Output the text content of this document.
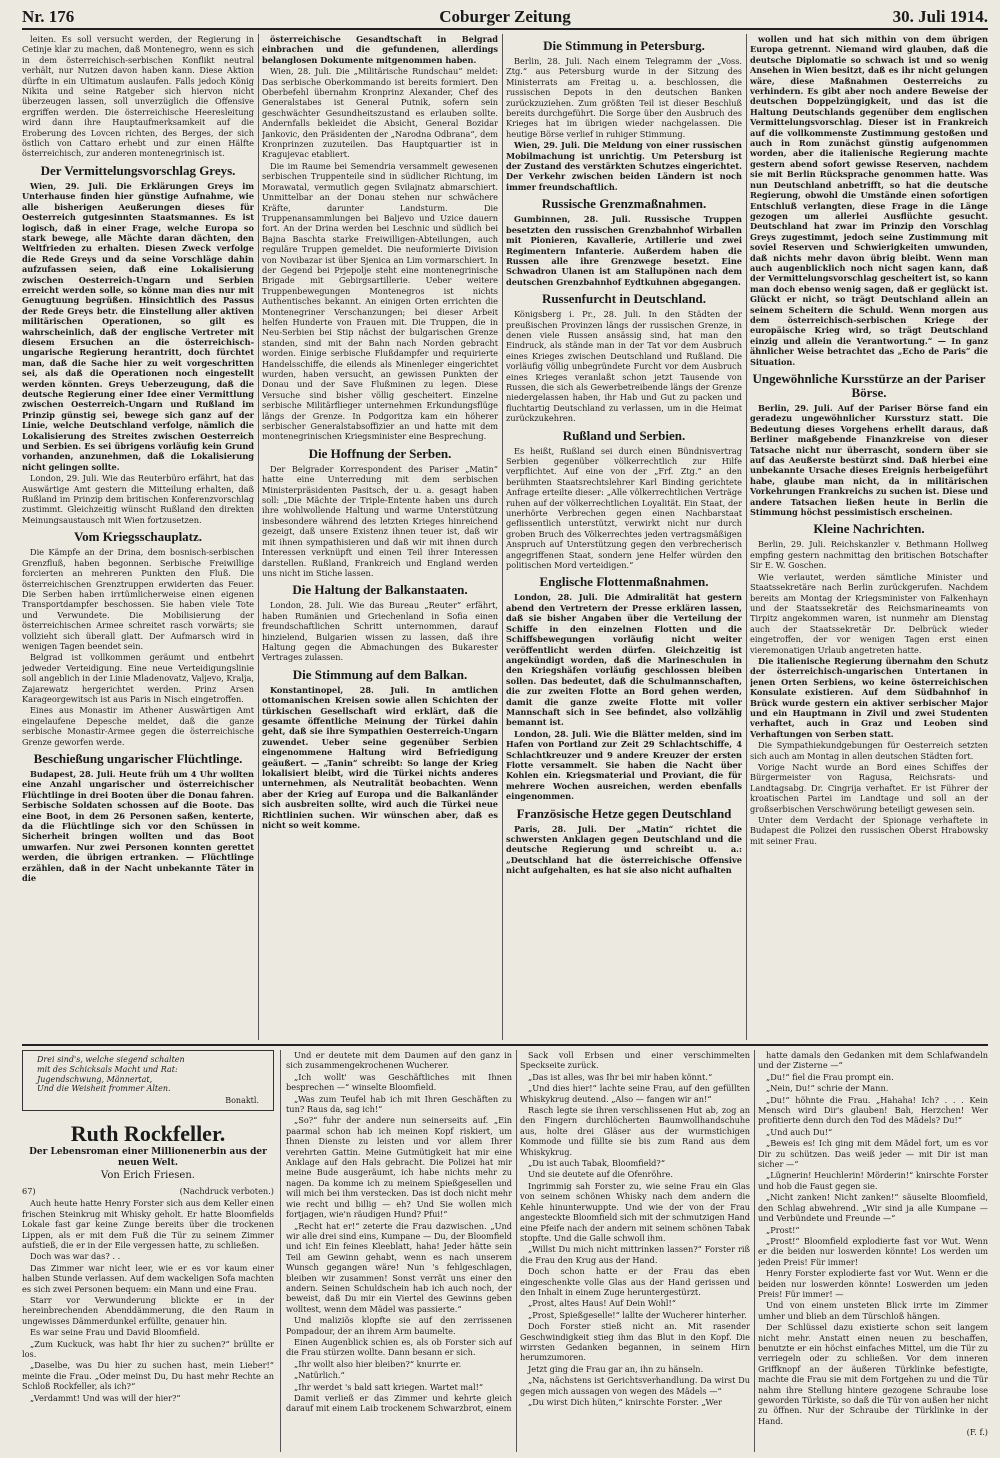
Nr. 176	Coburger Zeitung	30. Juli 1914.

leiten. Es soll versucht werden, der Regierung in Cetinje klar zu machen, daß Montenegro, wenn es sich in dem österreichisch-serbischen Konflikt neutral verhält, nur Nutzen davon haben kann. Diese Aktion dürfte in ein Ultimatum auslaufen. Falls jedoch König Nikita und seine Ratgeber sich hiervon nicht überzeugen lassen, soll unverzüglich die Offensive ergriffen werden. Die österreichische Heeresleitung wird dann ihre Hauptaufmerksamkeit auf die Eroberung des Lovcen richten, des Berges, der sich östlich von Cattaro erhebt und zur einen Hälfte österreichisch, zur anderen montenegrinisch ist.

Der Vermittelungsvorschlag Greys.

Wien, 29. Juli. Die Erklärungen Greys im Unterhause finden hier günstige Aufnahme, wie alle bisherigen Aeußerungen dieses für Oesterreich gutgesinnten Staatsmannes. Es ist logisch, daß in einer Frage, welche Europa so stark bewege, alle Mächte daran dächten, den Weltfrieden zu erhalten. Diesen Zweck verfolge die Rede Greys und da seine Vorschläge dahin aufzufassen seien, daß eine Lokalisierung zwischen Oesterreich-Ungarn und Serbien erreicht werden solle, so könne man dies nur mit Genugtuung begrüßen. Hinsichtlich des Passus der Rede Greys betr. die Einstellung aller aktiven militärischen Operationen, so gilt es wahrscheinlich, daß der englische Vertreter mit diesem Ersuchen an die österreichisch-ungarische Regierung herantritt, doch fürchtet man, daß die Sache hier zu weit vorgeschritten sei, als daß die Operationen noch eingestellt werden könnten. Greys Ueberzeugung, daß die deutsche Regierung einer Idee einer Vermittlung zwischen Oesterreich-Ungarn und Rußland im Prinzip günstig sei, bewege sich ganz auf der Linie, welche Deutschland verfolge, nämlich die Lokalisierung des Streites zwischen Oesterreich und Serbien. Es sei übrigens vorläufig kein Grund vorhanden, anzunehmen, daß die Lokalisierung nicht gelingen sollte.

London, 29. Juli. Wie das Reuterbüro erfährt, hat das Auswärtige Amt gestern die Mitteilung erhalten, daß Rußland im Prinzip dem britischen Konferenzvorschlag zustimmt. Gleichzeitig wünscht Rußland den direkten Meinungsaustausch mit Wien fortzusetzen.

Vom Kriegsschauplatz.

Die Kämpfe an der Drina, dem bosnisch-serbischen Grenzfluß, haben begonnen. Serbische Freiwillige forcierten an mehreren Punkten den Fluß. Die österreichischen Grenztruppen erwiderten das Feuer. Die Serben haben irrtümlicherweise einen eigenen Transportdampfer beschossen. Sie haben viele Tote und Verwundete. Die Mobilisierung der österreichischen Armee schreitet rasch vorwärts; sie vollzieht sich überall glatt. Der Aufmarsch wird in wenigen Tagen beendet sein.

Belgrad ist vollkommen geräumt und entbehrt jedweder Verteidigung. Eine neue Verteidigungslinie soll angeblich in der Linie Mladenovatz, Valjevo, Kralja, Zajarewatz hergerichtet werden. Prinz Arsen Karageorgewitsch ist aus Paris in Nisch eingetroffen.

Eines aus Monastir im Athener Auswärtigen Amt eingelaufene Depesche meldet, daß die ganze serbische Monastir-Armee gegen die österreichische Grenze geworfen werde.

Beschießung ungarischer Flüchtlinge.

Budapest, 28. Juli. Heute früh um 4 Uhr wollten eine Anzahl ungarischer und österreichischer Flüchtlinge in drei Booten über die Donau fahren. Serbische Soldaten schossen auf die Boote. Das eine Boot, in dem 26 Personen saßen, kenterte, da die Flüchtlinge sich vor den Schüssen in Sicherheit bringen wollten und das Boot umwarfen. Nur zwei Personen konnten gerettet werden, die übrigen ertranken. — Flüchtlinge erzählen, daß in der Nacht unbekannte Täter in die

österreichische Gesandtschaft in Belgrad einbrachen und die gefundenen, allerdings belanglosen Dokumente mitgenommen haben.

Wien, 28. Juli. Die „Militärische Rundschau“ meldet: Das serbische Oberkommando ist bereits formiert. Den Oberbefehl übernahm Kronprinz Alexander, Chef des Generalstabes ist General Putnik, sofern sein geschwächter Gesundheitszustand es erlauben sollte. Andernfalls bekleidet die Absicht, General Bozidar Jankovic, den Präsidenten der „Narodna Odbrana“, dem Kronprinzen zuzuteilen. Das Hauptquartier ist in Kragujevac etabliert.

Die im Raume bei Semendria versammelt gewesenen serbischen Truppenteile sind in südlicher Richtung, im Morawatal, vermutlich gegen Svilajnatz abmarschiert. Unmittelbar an der Donau stehen nur schwächere Kräfte, darunter Landsturm. Die Truppenansammlungen bei Baljevo und Uzice dauern fort. An der Drina werden bei Leschnic und südlich bei Bajna Baschta starke Freiwilligen-Abteilungen, auch reguläre Truppen gemeldet. Die neuformierte Division von Novibazar ist über Sjenica an Lim vormarschiert. In der Gegend bei Prjepolje steht eine montenegrinische Brigade mit Gebirgsartillerie. Ueber weitere Truppenbewegungen Montenegros ist nichts Authentisches bekannt. An einigen Orten errichten die Montenegriner Verschanzungen; bei dieser Arbeit helfen Hunderte von Frauen mit. Die Truppen, die in Neu-Serbien bei Stip nächst der bulgarischen Grenze standen, sind mit der Bahn nach Norden gebracht worden. Einige serbische Flußdampfer und requirierte Handelsschiffe, die eilends als Minenleger eingerichtet wurden, haben versucht, an gewissen Punkten der Donau und der Save Flußminen zu legen. Diese Versuche sind bisher völlig gescheitert. Einzelne serbische Militärflieger unternehmen Erkundungsflüge längs der Grenze. In Podgoritza kam ein höherer serbischer Generalstabsoffizier an und hatte mit dem montenegrinischen Kriegsminister eine Besprechung.

Die Hoffnung der Serben.

Der Belgrader Korrespondent des Pariser „Matin“ hatte eine Unterredung mit dem serbischen Ministerpräsidenten Pasitsch, der u. a. gesagt haben soll: „Die Mächte der Triple-Entente haben uns durch ihre wohlwollende Haltung und warme Unterstützung insbesondere während des letzten Krieges hinreichend gezeigt, daß unsere Existenz ihnen teuer ist, daß wir mit ihnen sympathisieren und daß wir mit ihnen durch Interessen verknüpft und einen Teil ihrer Interessen darstellen. Rußland, Frankreich und England werden uns nicht im Stiche lassen.

Die Haltung der Balkanstaaten.

London, 28. Juli. Wie das Bureau „Reuter“ erfährt, haben Rumänien und Griechenland in Sofia einen freundschaftlichen Schritt unternommen, darauf hinzielend, Bulgarien wissen zu lassen, daß ihre Haltung gegen die Abmachungen des Bukarester Vertrages zulassen.

Die Stimmung auf dem Balkan.

Konstantinopel, 28. Juli. In amtlichen ottomanischen Kreisen sowie allen Schichten der türkischen Gesellschaft wird erklärt, daß die gesamte öffentliche Meinung der Türkei dahin geht, daß sie ihre Sympathien Oesterreich-Ungarn zuwendet. Ueber seine gegenüber Serbien eingenommene Haltung wird Befriedigung geäußert. — „Tanin“ schreibt: So lange der Krieg lokalisiert bleibt, wird die Türkei nichts anderes unternehmen, als Neutralität beobachten. Wenn aber der Krieg auf Europa und die Balkanländer sich ausbreiten sollte, wird auch die Türkei neue Richtlinien suchen. Wir wünschen aber, daß es nicht so weit komme.

Die Stimmung in Petersburg.

Berlin, 28. Juli. Nach einem Telegramm der „Voss. Ztg.“ aus Petersburg wurde in der Sitzung des Ministerrats am Freitag u. a. beschlossen, die russischen Depots in den deutschen Banken zurückzuziehen. Zum größten Teil ist dieser Beschluß bereits durchgeführt. Die Sorge über den Ausbruch des Krieges hat im übrigen wieder nachgelassen. Die heutige Börse verlief in ruhiger Stimmung.

Wien, 29. Juli. Die Meldung von einer russischen Mobilmachung ist unrichtig. Um Petersburg ist der Zustand des verstärkten Schutzes eingerichtet. Der Verkehr zwischen beiden Ländern ist noch immer freundschaftlich.

Russische Grenzmaßnahmen.

Gumbinnen, 28. Juli. Russische Truppen besetzten den russischen Grenzbahnhof Wirballen mit Pionieren, Kavallerie, Artillerie und zwei Regimentern Infanterie. Außerdem haben die Russen alle ihre Grenzwege besetzt. Eine Schwadron Ulanen ist am Stallupönen nach dem deutschen Grenzbahnhof Eydtkuhnen abgegangen.

Russenfurcht in Deutschland.

Königsberg i. Pr., 28. Juli. In den Städten der preußischen Provinzen längs der russischen Grenze, in denen viele Russen ansässig sind, hat man den Eindruck, als stände man in der Tat vor dem Ausbruch eines Krieges zwischen Deutschland und Rußland. Die vorläufig völlig unbegründete Furcht vor dem Ausbruch eines Krieges veranlaßt schon jetzt Tausende von Russen, die sich als Gewerbetreibende längs der Grenze niedergelassen haben, ihr Hab und Gut zu packen und fluchtartig Deutschland zu verlassen, um in die Heimat zurückzukehren.

Rußland und Serbien.

Es heißt, Rußland sei durch einen Bündnisvertrag Serbien gegenüber völkerrechtlich zur Hilfe verpflichtet. Auf eine von der „Frf. Ztg.“ an den berühmten Staatsrechtslehrer Karl Binding gerichtete Anfrage erteilte dieser: „Alle völkerrechtlichen Verträge ruhen auf der völkerrechtlichen Loyalität. Ein Staat, der unerhörte Verbrechen gegen einen Nachbarstaat geflissentlich unterstützt, verwirkt nicht nur durch groben Bruch des Völkerrechtes jeden vertragsmäßigen Anspruch auf Unterstützung gegen den verbrecherisch angegriffenen Staat, sondern jene Helfer würden den politischen Mord verteidigen.“

Englische Flottenmaßnahmen.

London, 28. Juli. Die Admiralität hat gestern abend den Vertretern der Presse erklären lassen, daß sie bisher Angaben über die Verteilung der Schiffe in den einzelnen Flotten und die Schiffsbewegungen vorläufig nicht weiter veröffentlicht werden dürfen. Gleichzeitig ist angekündigt worden, daß die Marineschulen in den Kriegshäfen vorläufig geschlossen bleiben sollen. Das bedeutet, daß die Schulmannschaften, die zur zweiten Flotte an Bord gehen werden, damit die ganze zweite Flotte mit voller Mannschaft sich in See befindet, also vollzählig bemannt ist.

London, 28. Juli. Wie die Blätter melden, sind im Hafen von Portland zur Zeit 29 Schlachtschiffe, 4 Schlachtkreuzer und 9 andere Kreuzer der ersten Flotte versammelt. Sie haben die Nacht über Kohlen ein. Kriegsmaterial und Proviant, die für mehrere Wochen ausreichen, werden ebenfalls eingenommen.

Französische Hetze gegen Deutschland

Paris, 28. Juli. Der „Matin“ richtet die schwersten Anklagen gegen Deutschland und die deutsche Regierung und schreibt u. a.: „Deutschland hat die österreichische Offensive nicht aufgehalten, es hat sie also nicht aufhalten

wollen und hat sich mithin von dem übrigen Europa getrennt. Niemand wird glauben, daß die deutsche Diplomatie so schwach ist und so wenig Ansehen in Wien besitzt, daß es ihr nicht gelungen wäre, diese Maßnahmen Oesterreichs zu verhindern. Es gibt aber noch andere Beweise der deutschen Doppelzüngigkeit, und das ist die Haltung Deutschlands gegenüber dem englischen Vermittelungsvorschlag. Dieser ist in Frankreich auf die vollkommenste Zustimmung gestoßen und auch in Rom zunächst günstig aufgenommen worden, aber die italienische Regierung machte gestern abend sofort gewisse Reserven, nachdem sie mit Berlin Rücksprache genommen hatte. Was nun Deutschland anbetrifft, so hat die deutsche Regierung, obwohl die Umstände einen sofortigen Entschluß verlangten, diese Frage in die Länge gezogen um allerlei Ausflüchte gesucht. Deutschland hat zwar im Prinzip den Vorschlag Greys zugestimmt, jedoch seine Zustimmung mit soviel Reserven und Schwierigkeiten umwunden, daß nichts mehr davon übrig bleibt. Wenn man auch augenblicklich noch nicht sagen kann, daß der Vermittelungsvorschlag gescheitert ist, so kann man doch ebenso wenig sagen, daß er geglückt ist. Glückt er nicht, so trägt Deutschland allein an seinem Scheitern die Schuld. Wenn morgen aus dem österreichisch-serbischen Kriege der europäische Krieg wird, so trägt Deutschland einzig und allein die Verantwortung.“ — In ganz ähnlicher Weise betrachtet das „Echo de Paris“ die Situation.

Ungewöhnliche Kursstürze an der Pariser Börse.

Berlin, 29. Juli. Auf der Pariser Börse fand ein geradezu ungewöhnlicher Kurssturz statt. Die Bedeutung dieses Vorgehens erhellt daraus, daß Berliner maßgebende Finanzkreise von dieser Tatsache nicht nur überrascht, sondern über sie auf das Aeußerste bestürzt sind. Daß hierbei eine unbekannte Ursache dieses Ereignis herbeigeführt habe, glaube man nicht, da in militärischen Vorkehrungen Frankreichs zu suchen ist. Diese und andere Tatsachen ließen heute in Berlin die Stimmung höchst pessimistisch erscheinen.

Kleine Nachrichten.

Berlin, 29. Juli. Reichskanzler v. Bethmann Hollweg empfing gestern nachmittag den britischen Botschafter Sir E. W. Goschen.

Wie verlautet, werden sämtliche Minister und Staatssekretäre nach Berlin zurückgerufen. Nachdem bereits am Montag der Kriegsminister von Falkenhayn und der Staatssekretär des Reichsmarineamts von Tirpitz angekommen waren, ist nunmehr am Dienstag auch der Staatssekretär Dr. Delbrück wieder eingetroffen, der vor wenigen Tagen erst einen vieremonatigen Urlaub angetreten hatte.

Die italienische Regierung übernahm den Schutz der österreichisch-ungarischen Untertanen in jenen Orten Serbiens, wo keine österreichischen Konsulate existieren. Auf dem Südbahnhof in Brück wurde gestern ein aktiver serbischer Major und ein Hauptmann in Zivil und zwei Studenten verhaftet, auch in Graz und Leoben sind Verhaftungen von Serben statt.

Die Sympathiekundgebungen für Oesterreich setzten sich auch am Montag in allen deutschen Städten fort.

Vorige Nacht wurde an Bord eines Schiffes der Bürgermeister von Ragusa, Reichsrats- und Landtagsabg. Dr. Cingrija verhaftet. Er ist Führer der kroatischen Partei im Landtage und soll an der großserbischen Verschwörung beteiligt gewesen sein.

Unter dem Verdacht der Spionage verhaftete in Budapest die Polizei den russischen Oberst Hrabowsky mit seiner Frau.

Drei sind's, welche siegend schalten
mit des Schicksals Macht und Rat:
Jugendschwung, Männertat,
Und die Weisheit frommer Alten.
Bonaktl.
Ruth Rockfeller.
Der Lebensroman einer Millionenerbin aus der neuen Welt.
Von Erich Friesen.
67)	(Nachdruck verboten.)

Auch heute hatte Henry Forster sich aus dem Keller einen frischen Steinkrug mit Whisky geholt. Er hatte Bloomfields Lokale fast gar keine Zunge bereits über die trockenen Lippen, als er mit dem Fuß die Tür zu seinem Zimmer aufstieß, die er in der Eile vergessen hatte, zu schließen.

Doch was war das? . .

Das Zimmer war nicht leer, wie er es vor kaum einer halben Stunde verlassen. Auf dem wackeligen Sofa machten es sich zwei Personen bequem: ein Mann und eine Frau.

Starr vor Verwunderung blickte er in der hereinbrechenden Abenddämmerung, die den Raum in ungewisses Dämmerdunkel erfüllte, genauer hin.

Es war seine Frau und David Bloomfield.

„Zum Kuckuck, was habt Ihr hier zu suchen?“ brüllte er los.

„Daselbe, was Du hier zu suchen hast, mein Lieber!“ meinte die Frau. „Oder meinst Du, Du hast mehr Rechte an Schloß Rockfeller, als ich?“

„Verdammt! Und was will der hier?“

Und er deutete mit dem Daumen auf den ganz in sich zusammengekrochenen Wucherer.

„Ich wollt' was Geschäftliches mit Ihnen besprechen —“ winselte Bloomfield.

„Was zum Teufel hab ich mit Ihren Geschäften zu tun? Raus da, sag ich!“

„So?“ fuhr der andere nun seinerseits auf. „Ein paarmal schon hab ich meinen Kopf riskiert, um Ihnen Dienste zu leisten und vor allem Ihrer verehrten Gattin. Meine Gutmütigkeit hat mir eine Anklage auf den Hals gebracht. Die Polizei hat mir meine Bude ausgeräumt, ich habe nichts mehr zu nagen. Da komme ich zu meinem Spießgesellen und will mich bei ihm verstecken. Das ist doch nicht mehr wie recht und billig — eh? Und Sie wollen mich fortjagen, wie'n räudigen Hund? Pfui!“

„Recht hat er!“ zeterte die Frau dazwischen. „Und wir alle drei sind eins, Kumpane — Du, der Bloomfield und ich! Ein feines Kleeblatt, haha! Jeder hätte sein Teil am Gewinn gehabt, wenn es nach unserem Wunsch gegangen wäre! Nun 's fehlgeschlagen, bleiben wir zusammen! Sonst verrät uns einer den andern. Seinen Schuldschein hab ich auch noch, der beweist, daß Du mir ein Viertel des Gewinns geben wolltest, wenn dem Mädel was passierte.“

Und maliziös klopfte sie auf den zerrissenen Pompadour, der an ihrem Arm baumelte.

Einen Augenblick schien es, als ob Forster sich auf die Frau stürzen wollte. Dann besann er sich.

„Ihr wollt also hier bleiben?“ knurrte er.

„Natürlich.“

„Ihr werdet 's bald satt kriegen. Wartet mal!“

Damit verließ er das Zimmer und kehrte gleich darauf mit einem Laib trockenem Schwarzbrot, einem

Sack voll Erbsen und einer verschimmelten Speckseite zurück.

„Das ist alles, was Ihr bei mir haben könnt.“

„Und dies hier!“ lachte seine Frau, auf den gefüllten Whiskykrug deutend. „Also — fangen wir an!“

Rasch legte sie ihren verschlissenen Hut ab, zog an den Fingern durchlöcherten Baumwollhandschuhe aus, holte drei Gläser aus der wurmstichigen Kommode und füllte sie bis zum Rand aus dem Whiskykrug.

„Du ist auch Tabak, Bloomfield?“

Und sie deutete auf die Ofenröhre.

Ingrimmig sah Forster zu, wie seine Frau ein Glas von seinem schönen Whisky nach dem andern die Kehle hinunterwuppte. Und wie der von der Frau angesteckte Bloomfield sich mit der schmutzigen Hand eine Pfeife nach der andern mit seinem schönen Tabak stopfte. Und die Galle schwoll ihm.

„Willst Du mich nicht mittrinken lassen?“ Forster riß die Frau den Krug aus der Hand.

Doch schon hatte er der Frau das eben eingeschenkte volle Glas aus der Hand gerissen und den Inhalt in einem Zuge heruntergestürzt.

„Prost, altes Haus! Auf Dein Wohl!“

„Prost, Spießgeselle!“ lallte der Wucherer hinterher.

Doch Forster stieß nicht an. Mit rasender Geschwindigkeit stieg ihm das Blut in den Kopf. Die wirrsten Gedanken begannen, in seinem Hirn herumzumoren.

Jetzt ging die Frau gar an, ihn zu hänseln.

„Na, nächstens ist Gerichtsverhandlung. Da wirst Du gegen mich aussagen von wegen des Mädels —“

„Du wirst Dich hüten,“ knirschte Forster. „Wer

hatte damals den Gedanken mit dem Schlafwandeln und der Zisterne —“

„Du!“ fiel die Frau prompt ein.

„Nein, Du!“ schrie der Mann.

„Du!“ höhnte die Frau. „Hahaha! Ich? . . . Kein Mensch wird Dir's glauben! Bah, Herzchen! Wer profitierte denn durch den Tod des Mädels? Du!“

„Und auch Du!“

„Beweis es! Ich ging mit dem Mädel fort, um es vor Dir zu schützen. Das weiß jeder — mit Dir ist man sicher —“

„Lügnerin! Heuchlerin! Mörderin!“ knirschte Forster und hob die Faust gegen sie.

„Nicht zanken! Nicht zanken!“ säuselte Bloomfield, den Schlag abwehrend. „Wir sind ja alle Kumpane — und Verbündete und Freunde —“

„Prost!“

„Prost!“ Bloomfield explodierte fast vor Wut. Wenn er die beiden nur loswerden könnte! Los werden um jeden Preis! Für immer!

Henry Forster explodierte fast vor Wut. Wenn er die beiden nur loswerden könnte! Loswerden um jeden Preis! Für immer! —

Und von einem unsteten Blick irrte im Zimmer umher und blieb an dem Türschloß hängen.

Der Schlüssel dazu existierte schon seit langem nicht mehr. Anstatt einen neuen zu beschaffen, benutzte er ein höchst einfaches Mittel, um die Tür zu verriegeln oder zu schließen. Vor dem inneren Griffknopf an der äußeren Türklinke befestigte, machte die Frau sie mit dem Fortgehen zu und die Tür nahm ihre Stellung hintere gezogene Schraube lose geworden Türkiste, so daß die Tür von außen her nicht zu öffnen. Nur der Schraube der Türklinke in der Hand.

(F. f.)
